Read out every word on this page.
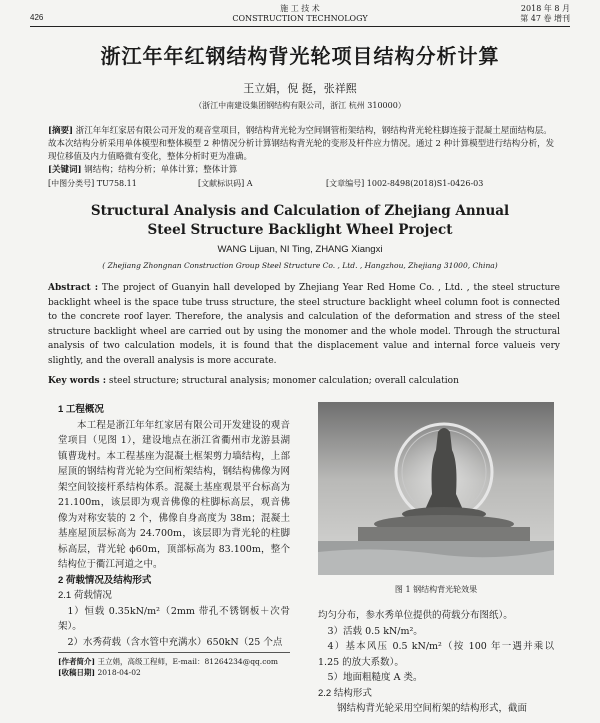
426
施 工 技 术
CONSTRUCTION TECHNOLOGY
2018 年 8 月
第 47 卷 增刊
浙江年年红钢结构背光轮项目结构分析计算
王立娟，倪 挺，张祥熙
（浙江中南建设集团钢结构有限公司，浙江 杭州 310000）
[摘要] 浙江年年红家居有限公司开发的观音堂项目，钢结构背光轮为空间钢管桁架结构，钢结构背光轮柱脚连接于混凝土屋面结构层。故本次结构分析采用单体模型和整体模型 2 种情况分析计算钢结构背光轮的变形及杆件应力情况。通过 2 种计算模型进行结构分析，发现位移值及内力值略微有变化，整体分析时更为准确。
[关键词] 钢结构；结构分析；单体计算；整体计算
[中图分类号] TU758.11	[文献标识码] A	[文章编号] 1002-8498(2018)S1-0426-03
Structural Analysis and Calculation of Zhejiang Annual
Steel Structure Backlight Wheel Project
WANG Lijuan, NI Ting, ZHANG Xiangxi
( Zhejiang Zhongnan Construction Group Steel Structure Co. , Ltd. , Hangzhou, Zhejiang 31000, China)
Abstract : The project of Guanyin hall developed by Zhejiang Year Red Home Co. , Ltd. , the steel structure backlight wheel is the space tube truss structure, the steel structure backlight wheel column foot is connected to the concrete roof layer. Therefore, the analysis and calculation of the deformation and stress of the steel structure backlight wheel are carried out by using the monomer and the whole model. Through the structural analysis of two calculation models, it is found that the displacement value and internal force valueis very slightly, and the overall analysis is more accurate.
Key words : steel structure; structural analysis; monomer calculation; overall calculation

1 工程概况

本工程是浙江年年红家居有限公司开发建设的观音堂项目（见图 1），建设地点在浙江省衢州市龙游县湖镇曹珑村。本工程基座为混凝土框架剪力墙结构，上部屋顶的钢结构背光轮为空间桁架结构，钢结构佛像为网架空间铰接杆系结构体系。混凝土基座观景平台标高为 21.100m，该层即为观音佛像的柱脚标高层，观音佛像为对称安装的 2 个，佛像自身高度为 38m；混凝土基座屋顶层标高为 24.700m，该层即为背光轮的柱脚标高层，背光轮 ϕ60m，顶部标高为 83.100m，整个结构位于衢江河道之中。

2 荷载情况及结构形式

2.1 荷载情况

1）恒载 0.35kN/m²（2mm 带孔不锈钢板＋次骨架）。

2）水秀荷载（含水管中充满水）650kN（25 个点

图 1 钢结构背光轮效果

均匀分布，参水秀单位提供的荷载分布图纸）。

3）活载 0.5 kN/m²。

4）基本风压 0.5 kN/m²（按 100 年一遇并乘以 1.25 的放大系数）。

5）地面粗糙度 A 类。

2.2 结构形式

钢结构背光轮采用空间桁架的结构形式，截面

[作者简介] 王立娟，高级工程师，E-mail：81264234@qq.com
[收稿日期] 2018-04-02
